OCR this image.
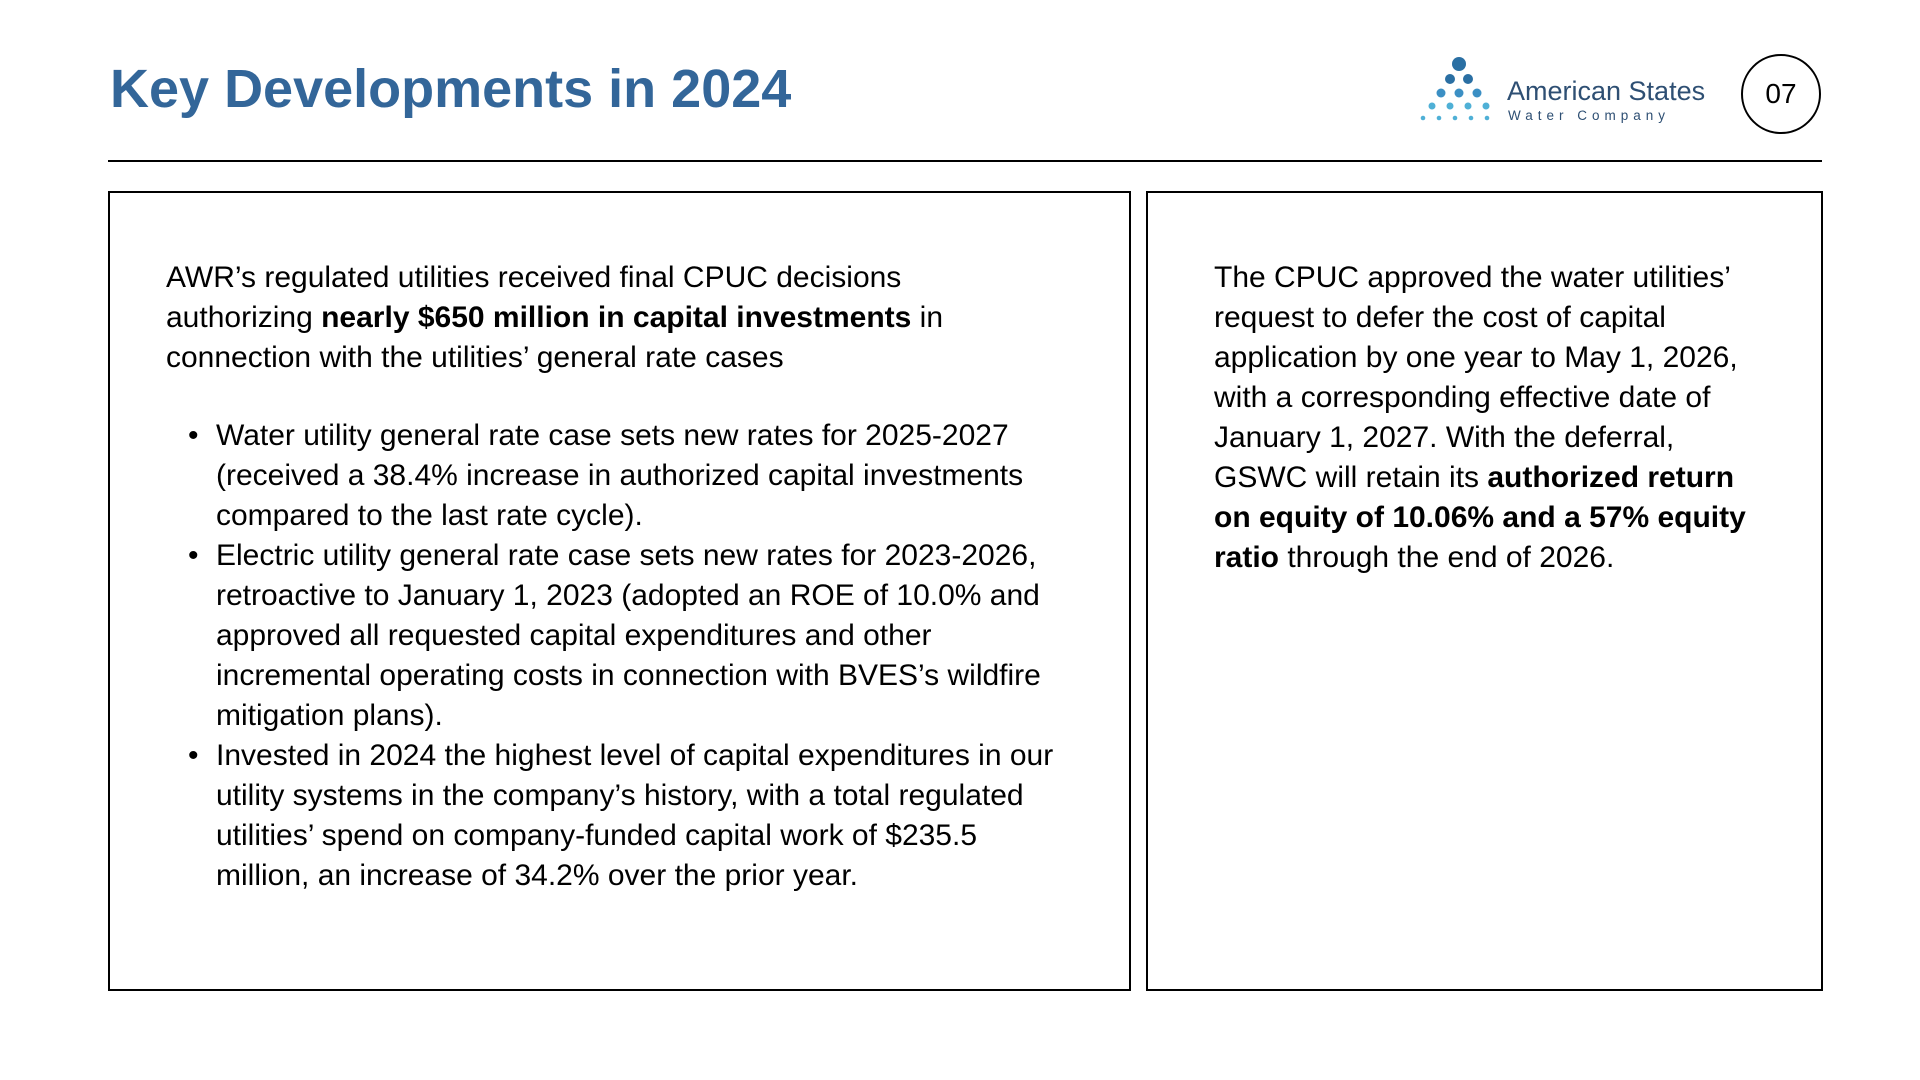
Key Developments in 2024	American States
Water Company
07

AWR’s regulated utilities received final CPUC decisions authorizing nearly $650 million in capital investments in connection with the utilities’ general rate cases

• Water utility general rate case sets new rates for 2025-2027 (received a 38.4% increase in authorized capital investments compared to the last rate cycle).
• Electric utility general rate case sets new rates for 2023-2026, retroactive to January 1, 2023 (adopted an ROE of 10.0% and approved all requested capital expenditures and other incremental operating costs in connection with BVES’s wildfire mitigation plans).
• Invested in 2024 the highest level of capital expenditures in our utility systems in the company’s history, with a total regulated utilities’ spend on company-funded capital work of $235.5 million, an increase of 34.2% over the prior year.

The CPUC approved the water utilities’ request to defer the cost of capital application by one year to May 1, 2026, with a corresponding effective date of January 1, 2027. With the deferral, GSWC will retain its authorized return on equity of 10.06% and a 57% equity ratio through the end of 2026.
